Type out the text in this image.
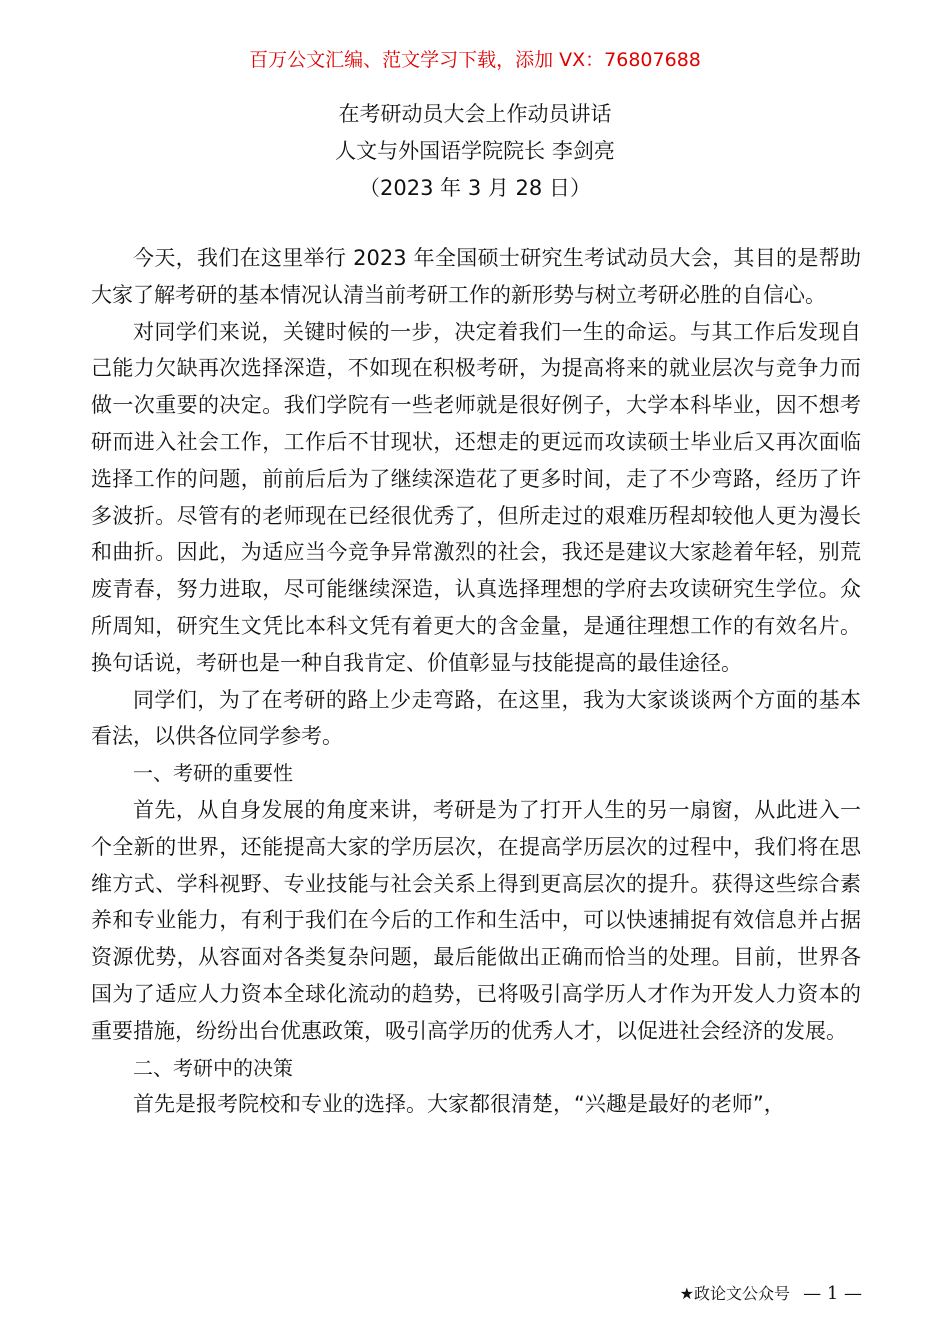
百万公文汇编、范文学习下载，添加 VX：76807688
在考研动员大会上作动员讲话
人文与外国语学院院长 李剑亮
（2023 年 3 月 28 日）

今天，我们在这里举行 2023 年全国硕士研究生考试动员大会，其目的是帮助大家了解考研的基本情况认清当前考研工作的新形势与树立考研必胜的自信心。

对同学们来说，关键时候的一步，决定着我们一生的命运。与其工作后发现自己能力欠缺再次选择深造，不如现在积极考研，为提高将来的就业层次与竞争力而做一次重要的决定。我们学院有一些老师就是很好例子，大学本科毕业，因不想考研而进入社会工作，工作后不甘现状，还想走的更远而攻读硕士毕业后又再次面临选择工作的问题，前前后后为了继续深造花了更多时间，走了不少弯路，经历了许多波折。尽管有的老师现在已经很优秀了，但所走过的艰难历程却较他人更为漫长和曲折。因此，为适应当今竞争异常激烈的社会，我还是建议大家趁着年轻，别荒废青春，努力进取，尽可能继续深造，认真选择理想的学府去攻读研究生学位。众所周知，研究生文凭比本科文凭有着更大的含金量，是通往理想工作的有效名片。换句话说，考研也是一种自我肯定、价值彰显与技能提高的最佳途径。

同学们，为了在考研的路上少走弯路，在这里，我为大家谈谈两个方面的基本看法，以供各位同学参考。

一、考研的重要性

首先，从自身发展的角度来讲，考研是为了打开人生的另一扇窗，从此进入一个全新的世界，还能提高大家的学历层次，在提高学历层次的过程中，我们将在思维方式、学科视野、专业技能与社会关系上得到更高层次的提升。获得这些综合素养和专业能力，有利于我们在今后的工作和生活中，可以快速捕捉有效信息并占据资源优势，从容面对各类复杂问题，最后能做出正确而恰当的处理。目前，世界各国为了适应人力资本全球化流动的趋势，已将吸引高学历人才作为开发人力资本的重要措施，纷纷出台优惠政策，吸引高学历的优秀人才，以促进社会经济的发展。

二、考研中的决策

首先是报考院校和专业的选择。大家都很清楚，“兴趣是最好的老师”，

★政论文公众号 — 1 —
